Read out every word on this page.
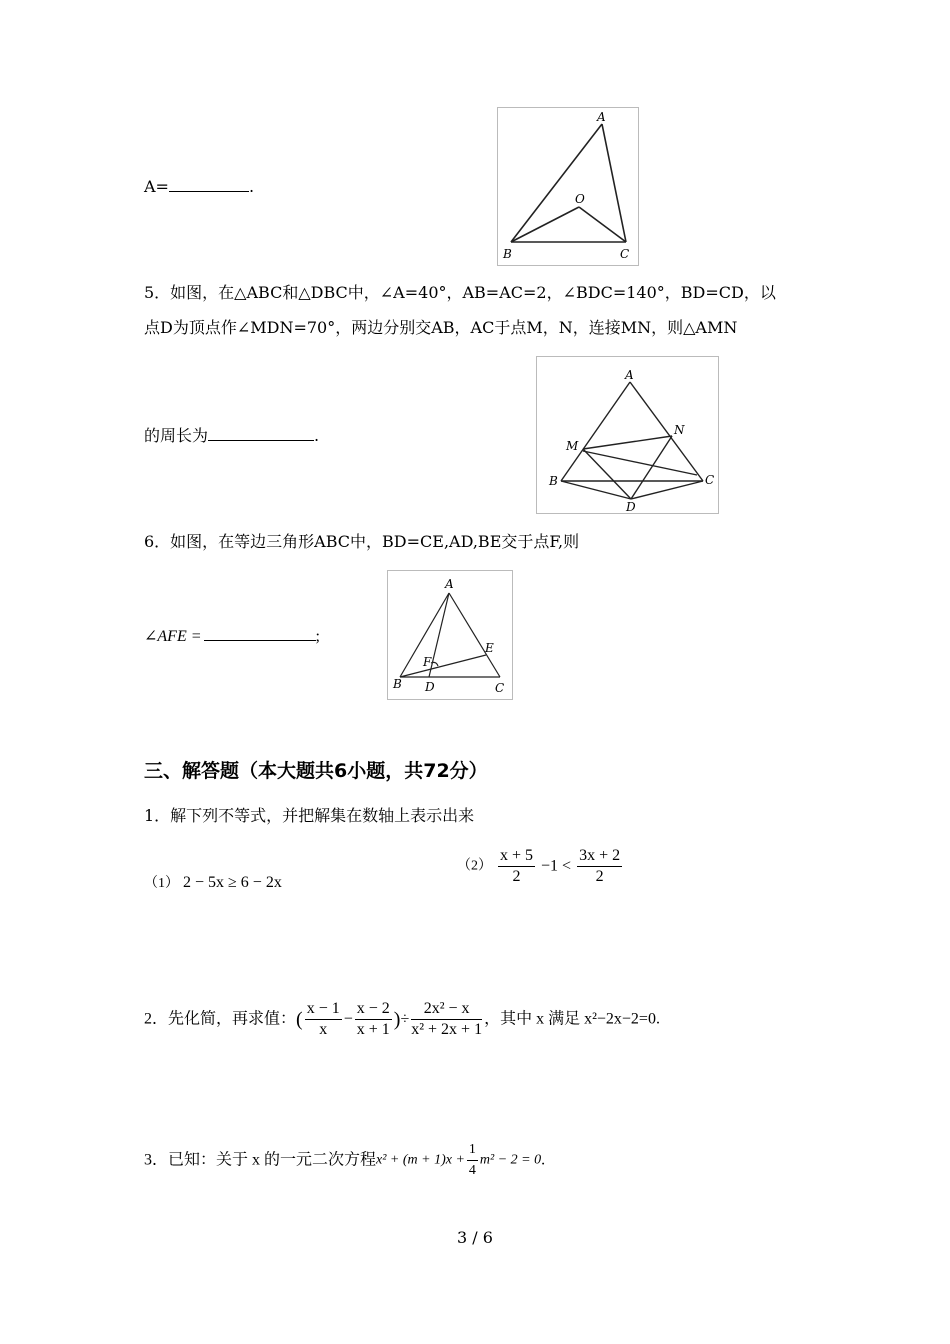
A=	.
A
B	C
O
5．如图，在△ABC和△DBC中，∠A=40°，AB=AC=2，∠BDC=140°，BD=CD，以
点D为顶点作∠MDN=70°，两边分别交AB，AC于点M，N，连接MN，则△AMN
的周长为	.
A
B	C
D
M
N
6．如图，在等边三角形ABC中，BD=CE,AD,BE交于点F,则
∠AFE =	;
A
B	C
D
E
F
三、解答题（本大题共6小题，共72分）
1．解下列不等式，并把解集在数轴上表示出来
（1） 2 − 5x ≥ 6 − 2x
$(2) \frac{x + 5}{2} -1 < \frac{3x + 2}{2}$
2．先化简，再求值：( $\frac{x - 1}{x} - \frac{x - 2}{x + 1}$ )÷ $\frac{\text{2x² − x}}{\text{x² + 2x + 1}}$ ，其中 x 满足 x²−2x−2=0.
3．已知：关于 x 的一元二次方程$x^2 + (m + 1)x + \frac{1}{4} m^2 - 2 = 0$.
3 / 6
